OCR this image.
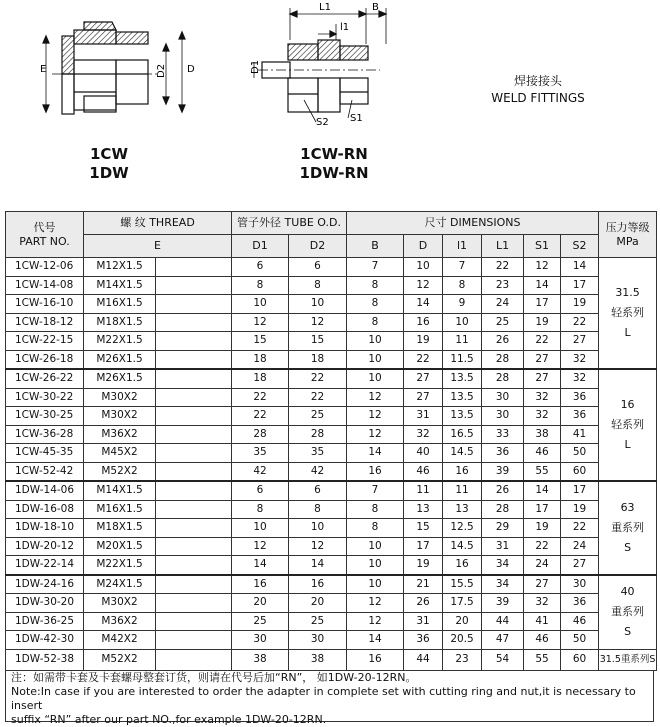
E	D2 D
L1	B
l1
D1
S2 S1
1CW
1DW
1CW-RN
1DW-RN
焊接接头
WELD FITTINGS
代号
PART NO.	螺 纹 THREAD		管子外径 TUBE O.D.		尺寸 DIMENSIONS						压力等级
MPa
	E		D1	D2	B	D	l1	L1	S1	S2	
1CW-12-06	M12X1.5		6	6	7	10	7	22	12	14	31.5
轻系列
L

1CW-14-08	M14X1.5		8	8	8	12	8	23	14	17	
1CW-16-10	M16X1.5		10	10	8	14	9	24	17	19	
1CW-18-12	M18X1.5		12	12	8	16	10	25	19	22	
1CW-22-15	M22X1.5		15	15	10	19	11	26	22	27	
1CW-26-18	M26X1.5		18	18	10	22	11.5	28	27	32	
1CW-26-22	M26X1.5		18	22	10	27	13.5	28	27	32	16
轻系列
L

1CW-30-22	M30X2		22	22	12	27	13.5	30	32	36	
1CW-30-25	M30X2		22	25	12	31	13.5	30	32	36	
1CW-36-28	M36X2		28	28	12	32	16.5	33	38	41	
1CW-45-35	M45X2		35	35	14	40	14.5	36	46	50	
1CW-52-42	M52X2		42	42	16	46	16	39	55	60	
1DW-14-06	M14X1.5		6	6	7	11	11	26	14	17	63
重系列
S

1DW-16-08	M16X1.5		8	8	8	13	13	28	17	19	
1DW-18-10	M18X1.5		10	10	8	15	12.5	29	19	22	
1DW-20-12	M20X1.5		12	12	10	17	14.5	31	22	24	
1DW-22-14	M22X1.5		14	14	10	19	16	34	24	27	
1DW-24-16	M24X1.5		16	16	10	21	15.5	34	27	30	40
重系列
S

1DW-30-20	M30X2		20	20	12	26	17.5	39	32	36	
1DW-36-25	M36X2		25	25	12	31	20	44	41	46	
1DW-42-30	M42X2		30	30	14	36	20.5	47	46	50	
1DW-52-38	M52X2		38	38	16	44	23	54	55	60	31.5重系列S
注：如需带卡套及卡套螺母整套订货，则请在代号后加“RN”， 如1DW-20-12RN。
Note:In case if you are interested to order the adapter in complete set with cutting ring and nut,it is necessary to insert
suffix “RN” after our part NO.,for example 1DW-20-12RN.
